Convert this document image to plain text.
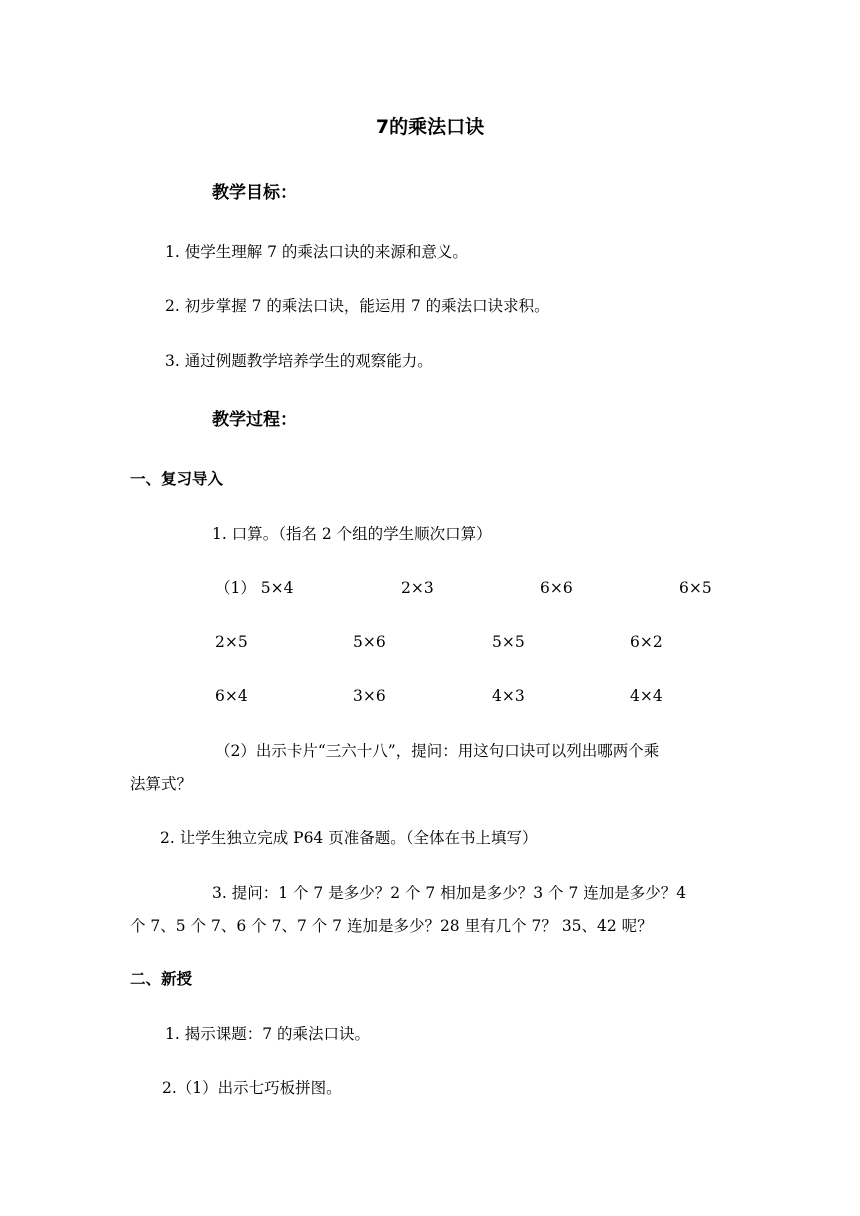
7的乘法口诀
教学目标：
1. 使学生理解 7 的乘法口诀的来源和意义。
2. 初步掌握 7 的乘法口诀，能运用 7 的乘法口诀求积。
3. 通过例题教学培养学生的观察能力。
教学过程：
一、复习导入
1. 口算。（指名 2 个组的学生顺次口算）
（1） 5×4	2×3	6×6	6×5
2×5	5×6	5×5	6×2
6×4	3×6	4×3	4×4
（2）出示卡片“三六十八”，提问：用这句口诀可以列出哪两个乘
法算式？
2. 让学生独立完成 P64 页准备题。（全体在书上填写）
3. 提问：1 个 7 是多少？2 个 7 相加是多少？3 个 7 连加是多少？4
个 7、5 个 7、6 个 7、7 个 7 连加是多少？28 里有几个 7？ 35、42 呢？
二、新授
1. 揭示课题：7 的乘法口诀。
2.（1）出示七巧板拼图。
